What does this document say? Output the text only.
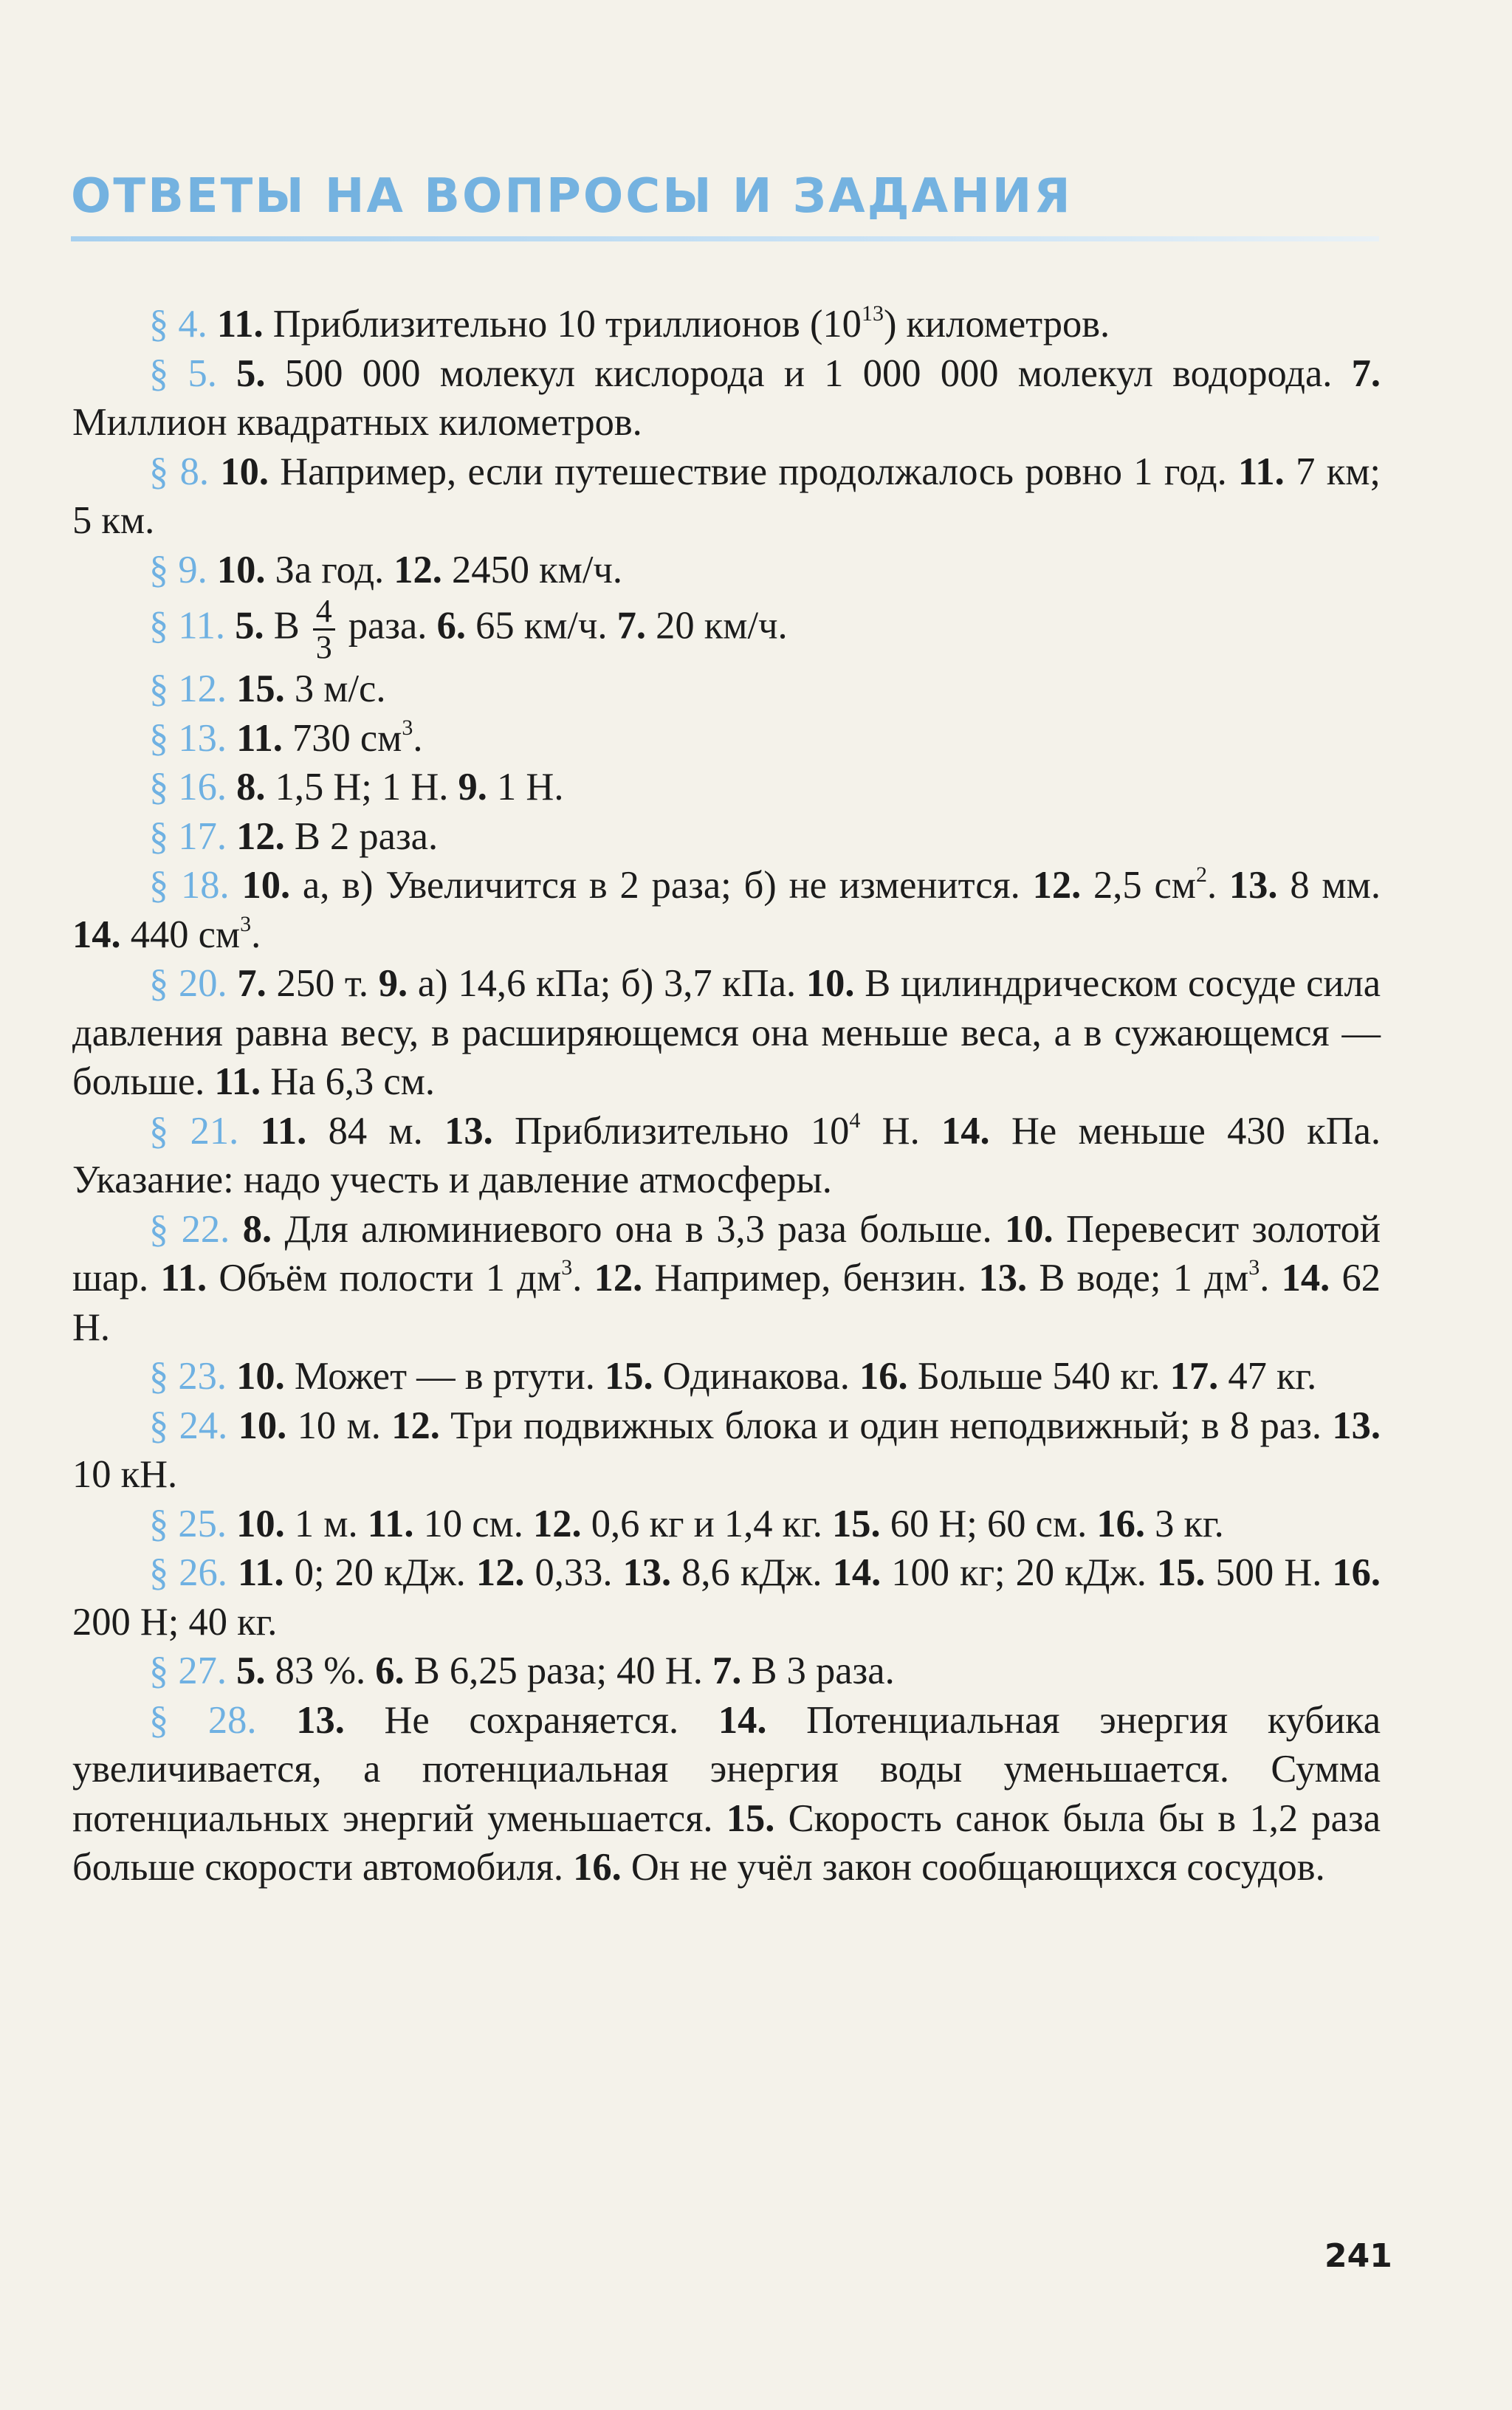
ОТВЕТЫ НА ВОПРОСЫ И ЗАДАНИЯ

§ 4. 11. Приблизительно 10 триллионов $(10^{13})$ километров.

§ 5. 5. 500 000 молекул кислорода и 1 000 000 молекул водорода. 7. Миллион квадратных километров.

§ 8. 10. Например, если путешествие продолжалось ровно 1 год. 11. 7 км; 5 км.

§ 9. 10. За год. 12. 2450 км/ч.

§ 11. 5. В $\frac{4}{3}$ раза. 6. 65 км/ч. 7. 20 км/ч.

§ 12. 15. 3 м/с.

§ 13. 11. 730 $см^3$.

§ 16. 8. 1,5 Н; 1 Н. 9. 1 Н.

§ 17. 12. В 2 раза.

§ 18. 10. а, в) Увеличится в 2 раза; б) не изменится. 12. 2,5 $см^2$. 13. 8 мм. 14. 440 $см^3$.

§ 20. 7. 250 т. 9. а) 14,6 кПа; б) 3,7 кПа. 10. В цилиндрическом сосуде сила давления равна весу, в расширяющемся она меньше веса, а в сужающемся — больше. 11. На 6,3 см.

§ 21. 11. 84 м. 13. Приблизительно $10^4$ Н. 14. Не меньше 430 кПа. Указание: надо учесть и давление атмосферы.

§ 22. 8. Для алюминиевого она в 3,3 раза больше. 10. Перевесит золотой шар. 11. Объём полости 1 $дм^3$. 12. Например, бензин. 13. В воде; 1 $дм^3$. 14. 62 Н.

§ 23. 10. Может — в ртути. 15. Одинакова. 16. Больше 540 кг. 17. 47 кг.

§ 24. 10. 10 м. 12. Три подвижных блока и один неподвижный; в 8 раз. 13. 10 кН.

§ 25. 10. 1 м. 11. 10 см. 12. 0,6 кг и 1,4 кг. 15. 60 Н; 60 см. 16. 3 кг.

§ 26. 11. 0; 20 кДж. 12. 0,33. 13. 8,6 кДж. 14. 100 кг; 20 кДж. 15. 500 Н. 16. 200 Н; 40 кг.

§ 27. 5. 83 %. 6. В 6,25 раза; 40 Н. 7. В 3 раза.

§ 28. 13. Не сохраняется. 14. Потенциальная энергия кубика увеличивается, а потенциальная энергия воды уменьшается. Сумма потенциальных энергий уменьшается. 15. Скорость санок была бы в 1,2 раза больше скорости автомобиля. 16. Он не учёл закон сообщающихся сосудов.

241
